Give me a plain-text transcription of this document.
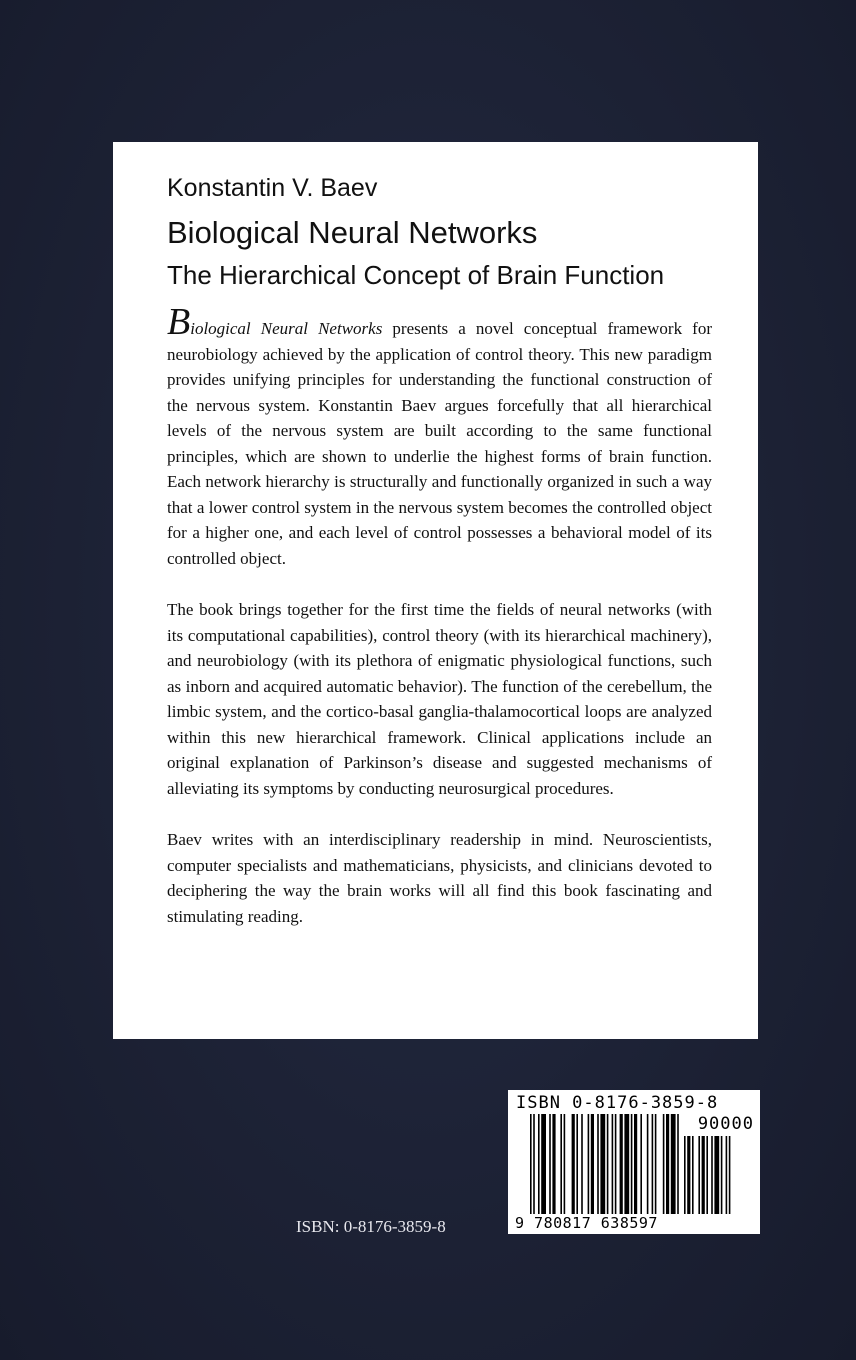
Konstantin V. Baev
Biological Neural Networks
The Hierarchical Concept of Brain Function

Biological Neural Networks presents a novel conceptual framework for neurobiology achieved by the application of control theory. This new paradigm provides unifying principles for understanding the functional construction of the nervous system. Konstantin Baev argues forcefully that all hierarchical levels of the nervous system are built according to the same functional principles, which are shown to underlie the highest forms of brain function. Each network hierarchy is structurally and functionally organized in such a way that a lower control system in the nervous system becomes the controlled object for a higher one, and each level of control possesses a behavioral model of its controlled object.

The book brings together for the first time the fields of neural networks (with its computational capabilities), control theory (with its hierarchical machinery), and neurobiology (with its plethora of enigmatic physiological functions, such as inborn and acquired automatic behavior). The function of the cerebellum, the limbic system, and the cortico-basal ganglia-thalamocortical loops are analyzed within this new hierarchical framework. Clinical applications include an original explanation of Parkinson’s disease and suggested mechanisms of alleviating its symptoms by conducting neurosurgical procedures.

Baev writes with an interdisciplinary readership in mind. Neuroscientists, computer specialists and mathematicians, physicists, and clinicians devoted to deciphering the way the brain works will all find this book fascinating and stimulating reading.

ISBN: 0-8176-3859-8
ISBN 0-8176-3859-8
90000
9 780817 638597
